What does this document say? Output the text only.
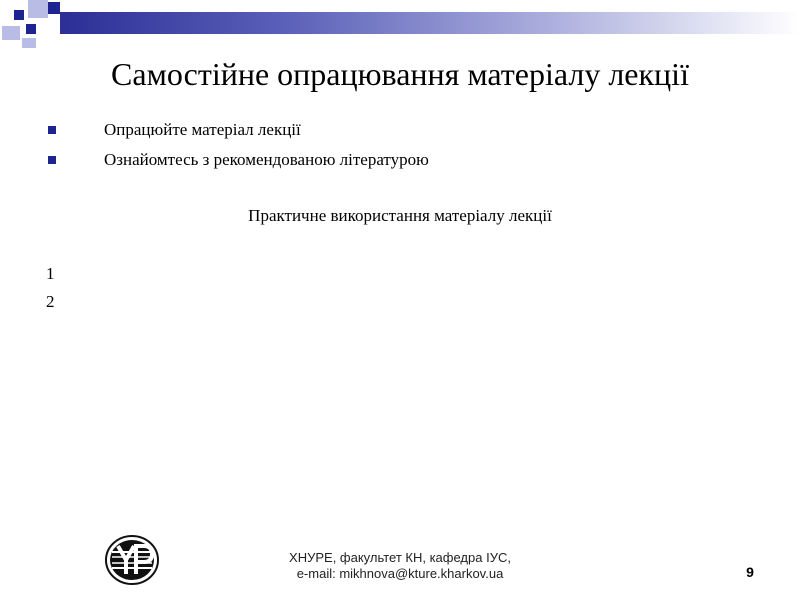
Самостійне опрацювання матеріалу лекції
Опрацюйте матеріал лекції
Ознайомтесь з рекомендованою літературою
Практичне використання матеріалу лекції
1
2
ХНУРЕ, факультет КН, кафедра ІУС,
e-mail: mikhnova@kture.kharkov.ua	9
